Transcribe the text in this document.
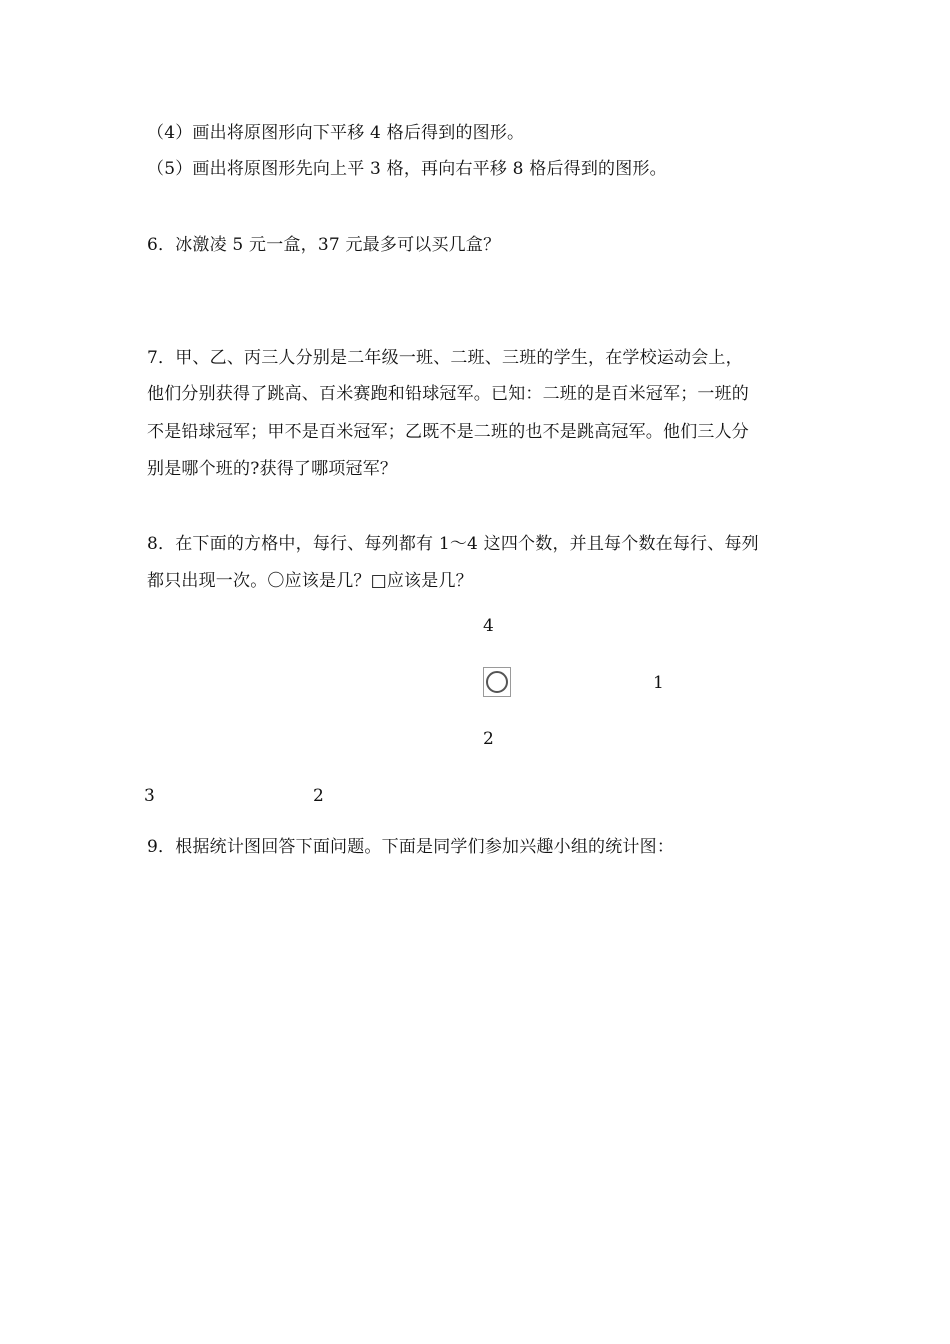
（4）画出将原图形向下平移 4 格后得到的图形。
（5）画出将原图形先向上平 3 格，再向右平移 8 格后得到的图形。
6．冰激凌 5 元一盒，37 元最多可以买几盒？
7．甲、乙、丙三人分别是二年级一班、二班、三班的学生，在学校运动会上，
他们分别获得了跳高、百米赛跑和铅球冠军。已知：二班的是百米冠军；一班的
不是铅球冠军；甲不是百米冠军；乙既不是二班的也不是跳高冠军。他们三人分
别是哪个班的?获得了哪项冠军？
8．在下面的方格中，每行、每列都有 1～4 这四个数，并且每个数在每行、每列
都只出现一次。〇应该是几？□应该是几？
4
1
2
3	2
9．根据统计图回答下面问题。下面是同学们参加兴趣小组的统计图：
